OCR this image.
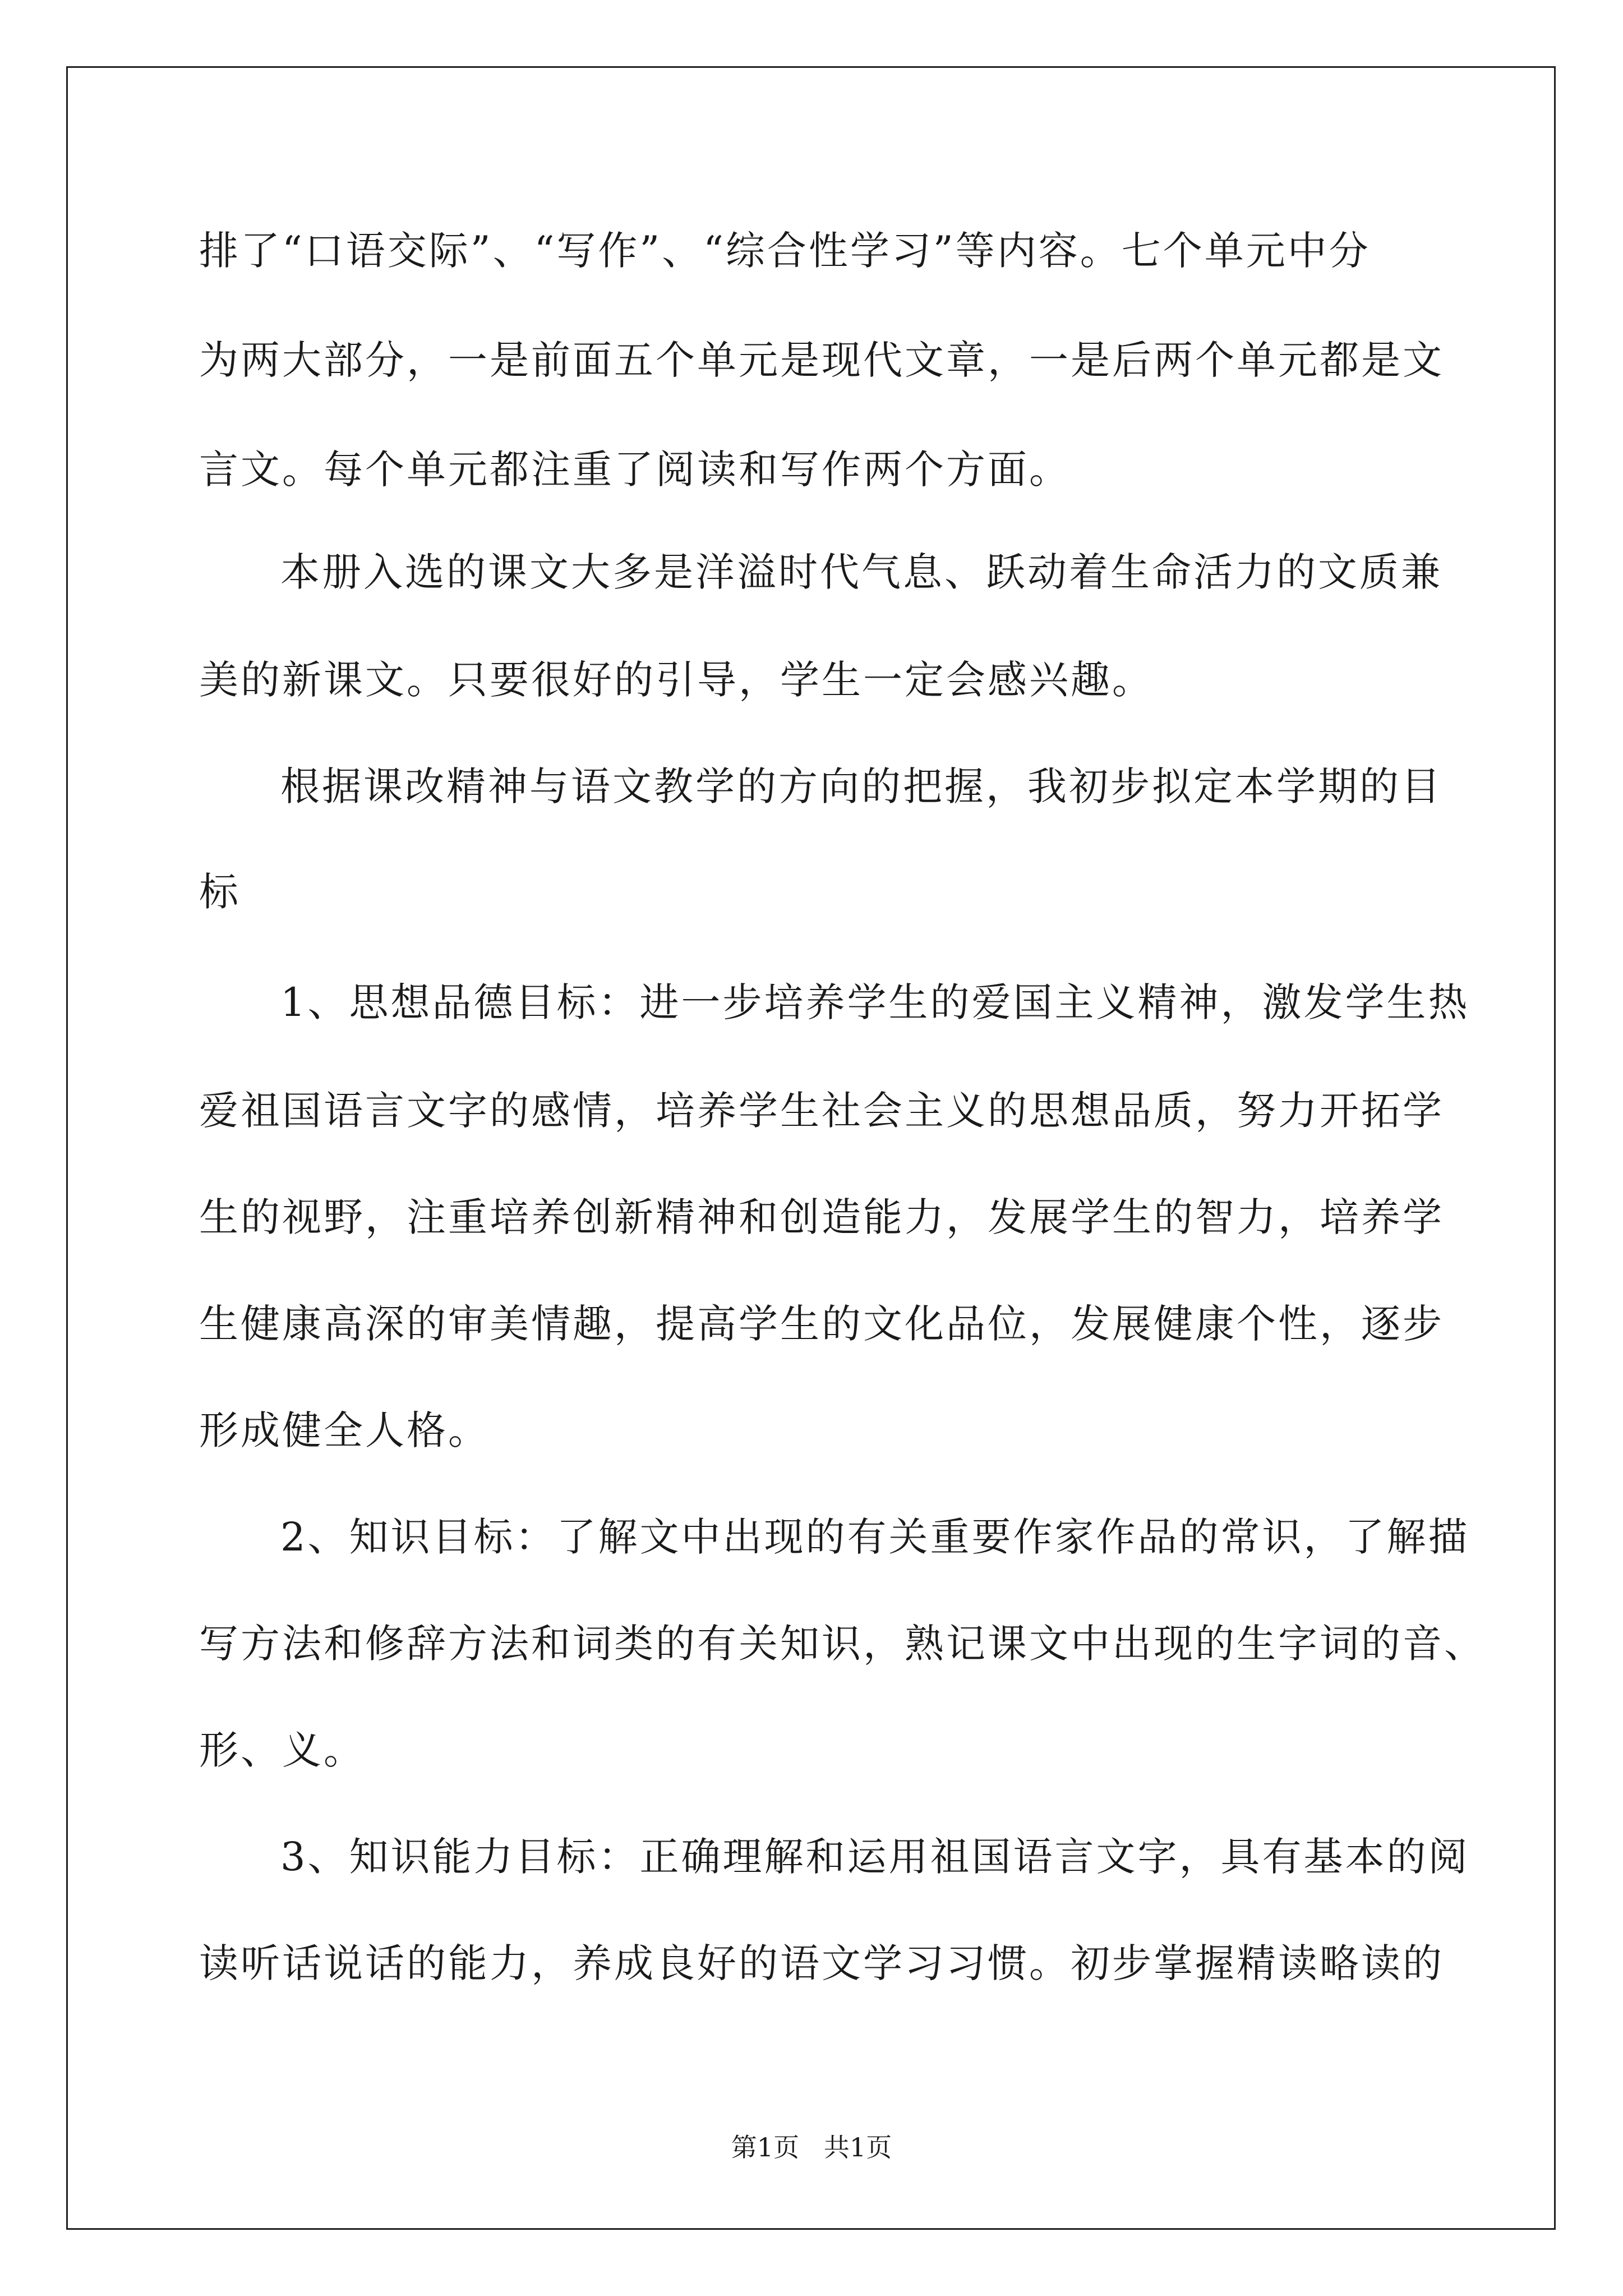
排了“口语交际”、“写作”、“综合性学习”等内容。七个单元中分
为两大部分，一是前面五个单元是现代文章，一是后两个单元都是文
言文。每个单元都注重了阅读和写作两个方面。
本册入选的课文大多是洋溢时代气息、跃动着生命活力的文质兼
美的新课文。只要很好的引导，学生一定会感兴趣。
根据课改精神与语文教学的方向的把握，我初步拟定本学期的目
标
1、思想品德目标：进一步培养学生的爱国主义精神，激发学生热
爱祖国语言文字的感情，培养学生社会主义的思想品质，努力开拓学
生的视野，注重培养创新精神和创造能力，发展学生的智力，培养学
生健康高深的审美情趣，提高学生的文化品位，发展健康个性，逐步
形成健全人格。
2、知识目标：了解文中出现的有关重要作家作品的常识，了解描
写方法和修辞方法和词类的有关知识，熟记课文中出现的生字词的音、
形、义。
3、知识能力目标：正确理解和运用祖国语言文字，具有基本的阅
读听话说话的能力，养成良好的语文学习习惯。初步掌握精读略读的
第1页   共1页
